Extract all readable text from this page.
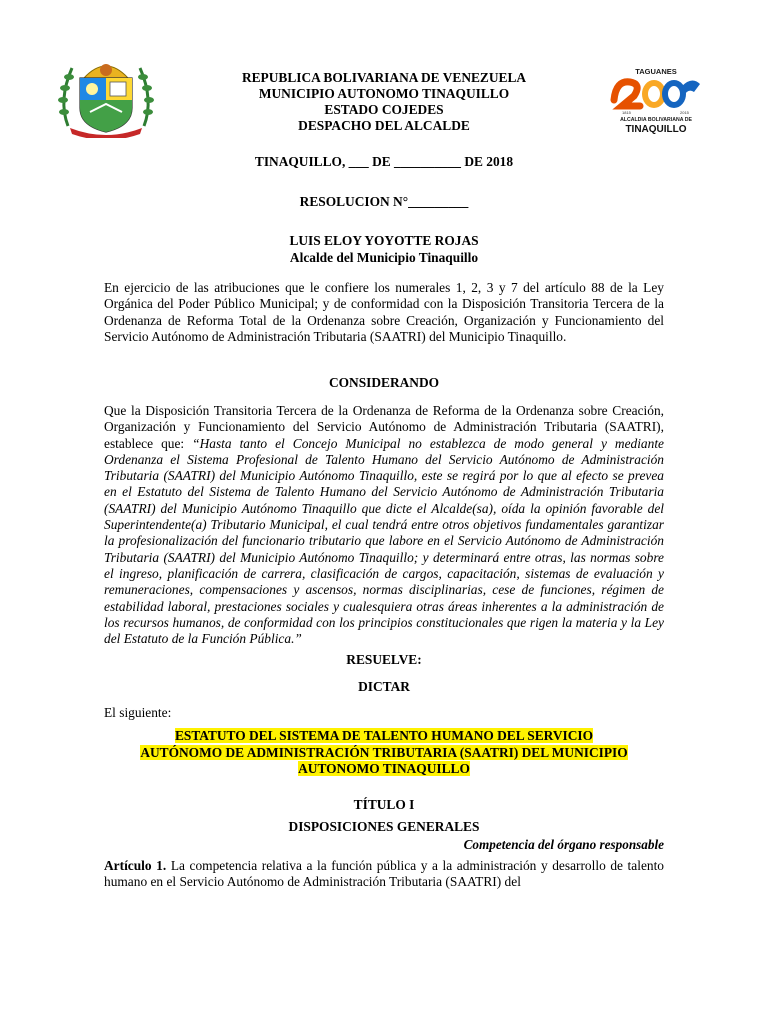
REPUBLICA BOLIVARIANA DE VENEZUELA
MUNICIPIO AUTONOMO TINAQUILLO
ESTADO COJEDES
DESPACHO DEL ALCALDE
TAGUANES
1815	2015
ALCALDIA BOLIVARIANA DE
TINAQUILLO
TINAQUILLO, ___ DE __________ DE 2018
RESOLUCION N°_________
LUIS ELOY YOYOTTE ROJAS
Alcalde del Municipio Tinaquillo
En ejercicio de las atribuciones que le confiere los numerales 1, 2, 3 y 7 del artículo 88 de la Ley Orgánica del Poder Público Municipal; y de conformidad con la Disposición Transitoria Tercera de la Ordenanza de Reforma Total de la Ordenanza sobre Creación, Organización y Funcionamiento del Servicio Autónomo de Administración Tributaria (SAATRI) del Municipio Tinaquillo.
CONSIDERANDO
Que la Disposición Transitoria Tercera de la Ordenanza de Reforma de la Ordenanza sobre Creación, Organización y Funcionamiento del Servicio Autónomo de Administración Tributaria (SAATRI), establece que: “Hasta tanto el Concejo Municipal no establezca de modo general y mediante Ordenanza el Sistema Profesional de Talento Humano del Servicio Autónomo de Administración Tributaria (SAATRI) del Municipio Autónomo Tinaquillo, este se regirá por lo que al efecto se prevea en el Estatuto del Sistema de Talento Humano del Servicio Autónomo de Administración Tributaria (SAATRI) del Municipio Autónomo Tinaquillo que dicte el Alcalde(sa), oída la opinión favorable del Superintendente(a) Tributario Municipal, el cual tendrá entre otros objetivos fundamentales garantizar la profesionalización del funcionario tributario que labore en el Servicio Autónomo de Administración Tributaria (SAATRI) del Municipio Autónomo Tinaquillo; y determinará entre otras, las normas sobre el ingreso, planificación de carrera, clasificación de cargos, capacitación, sistemas de evaluación y remuneraciones, compensaciones y ascensos, normas disciplinarias, cese de funciones, régimen de estabilidad laboral, prestaciones sociales y cualesquiera otras áreas inherentes a la administración de los recursos humanos, de conformidad con los principios constitucionales que rigen la materia y la Ley del Estatuto de la Función Pública.”
RESUELVE:
DICTAR
El siguiente:
ESTATUTO DEL SISTEMA DE TALENTO HUMANO DEL SERVICIO
AUTÓNOMO DE ADMINISTRACIÓN TRIBUTARIA (SAATRI) DEL MUNICIPIO
AUTONOMO TINAQUILLO
TÍTULO I
DISPOSICIONES GENERALES
Competencia del órgano responsable
Artículo 1. La competencia relativa a la función pública y a la administración y desarrollo de talento humano en el Servicio Autónomo de Administración Tributaria (SAATRI) del
